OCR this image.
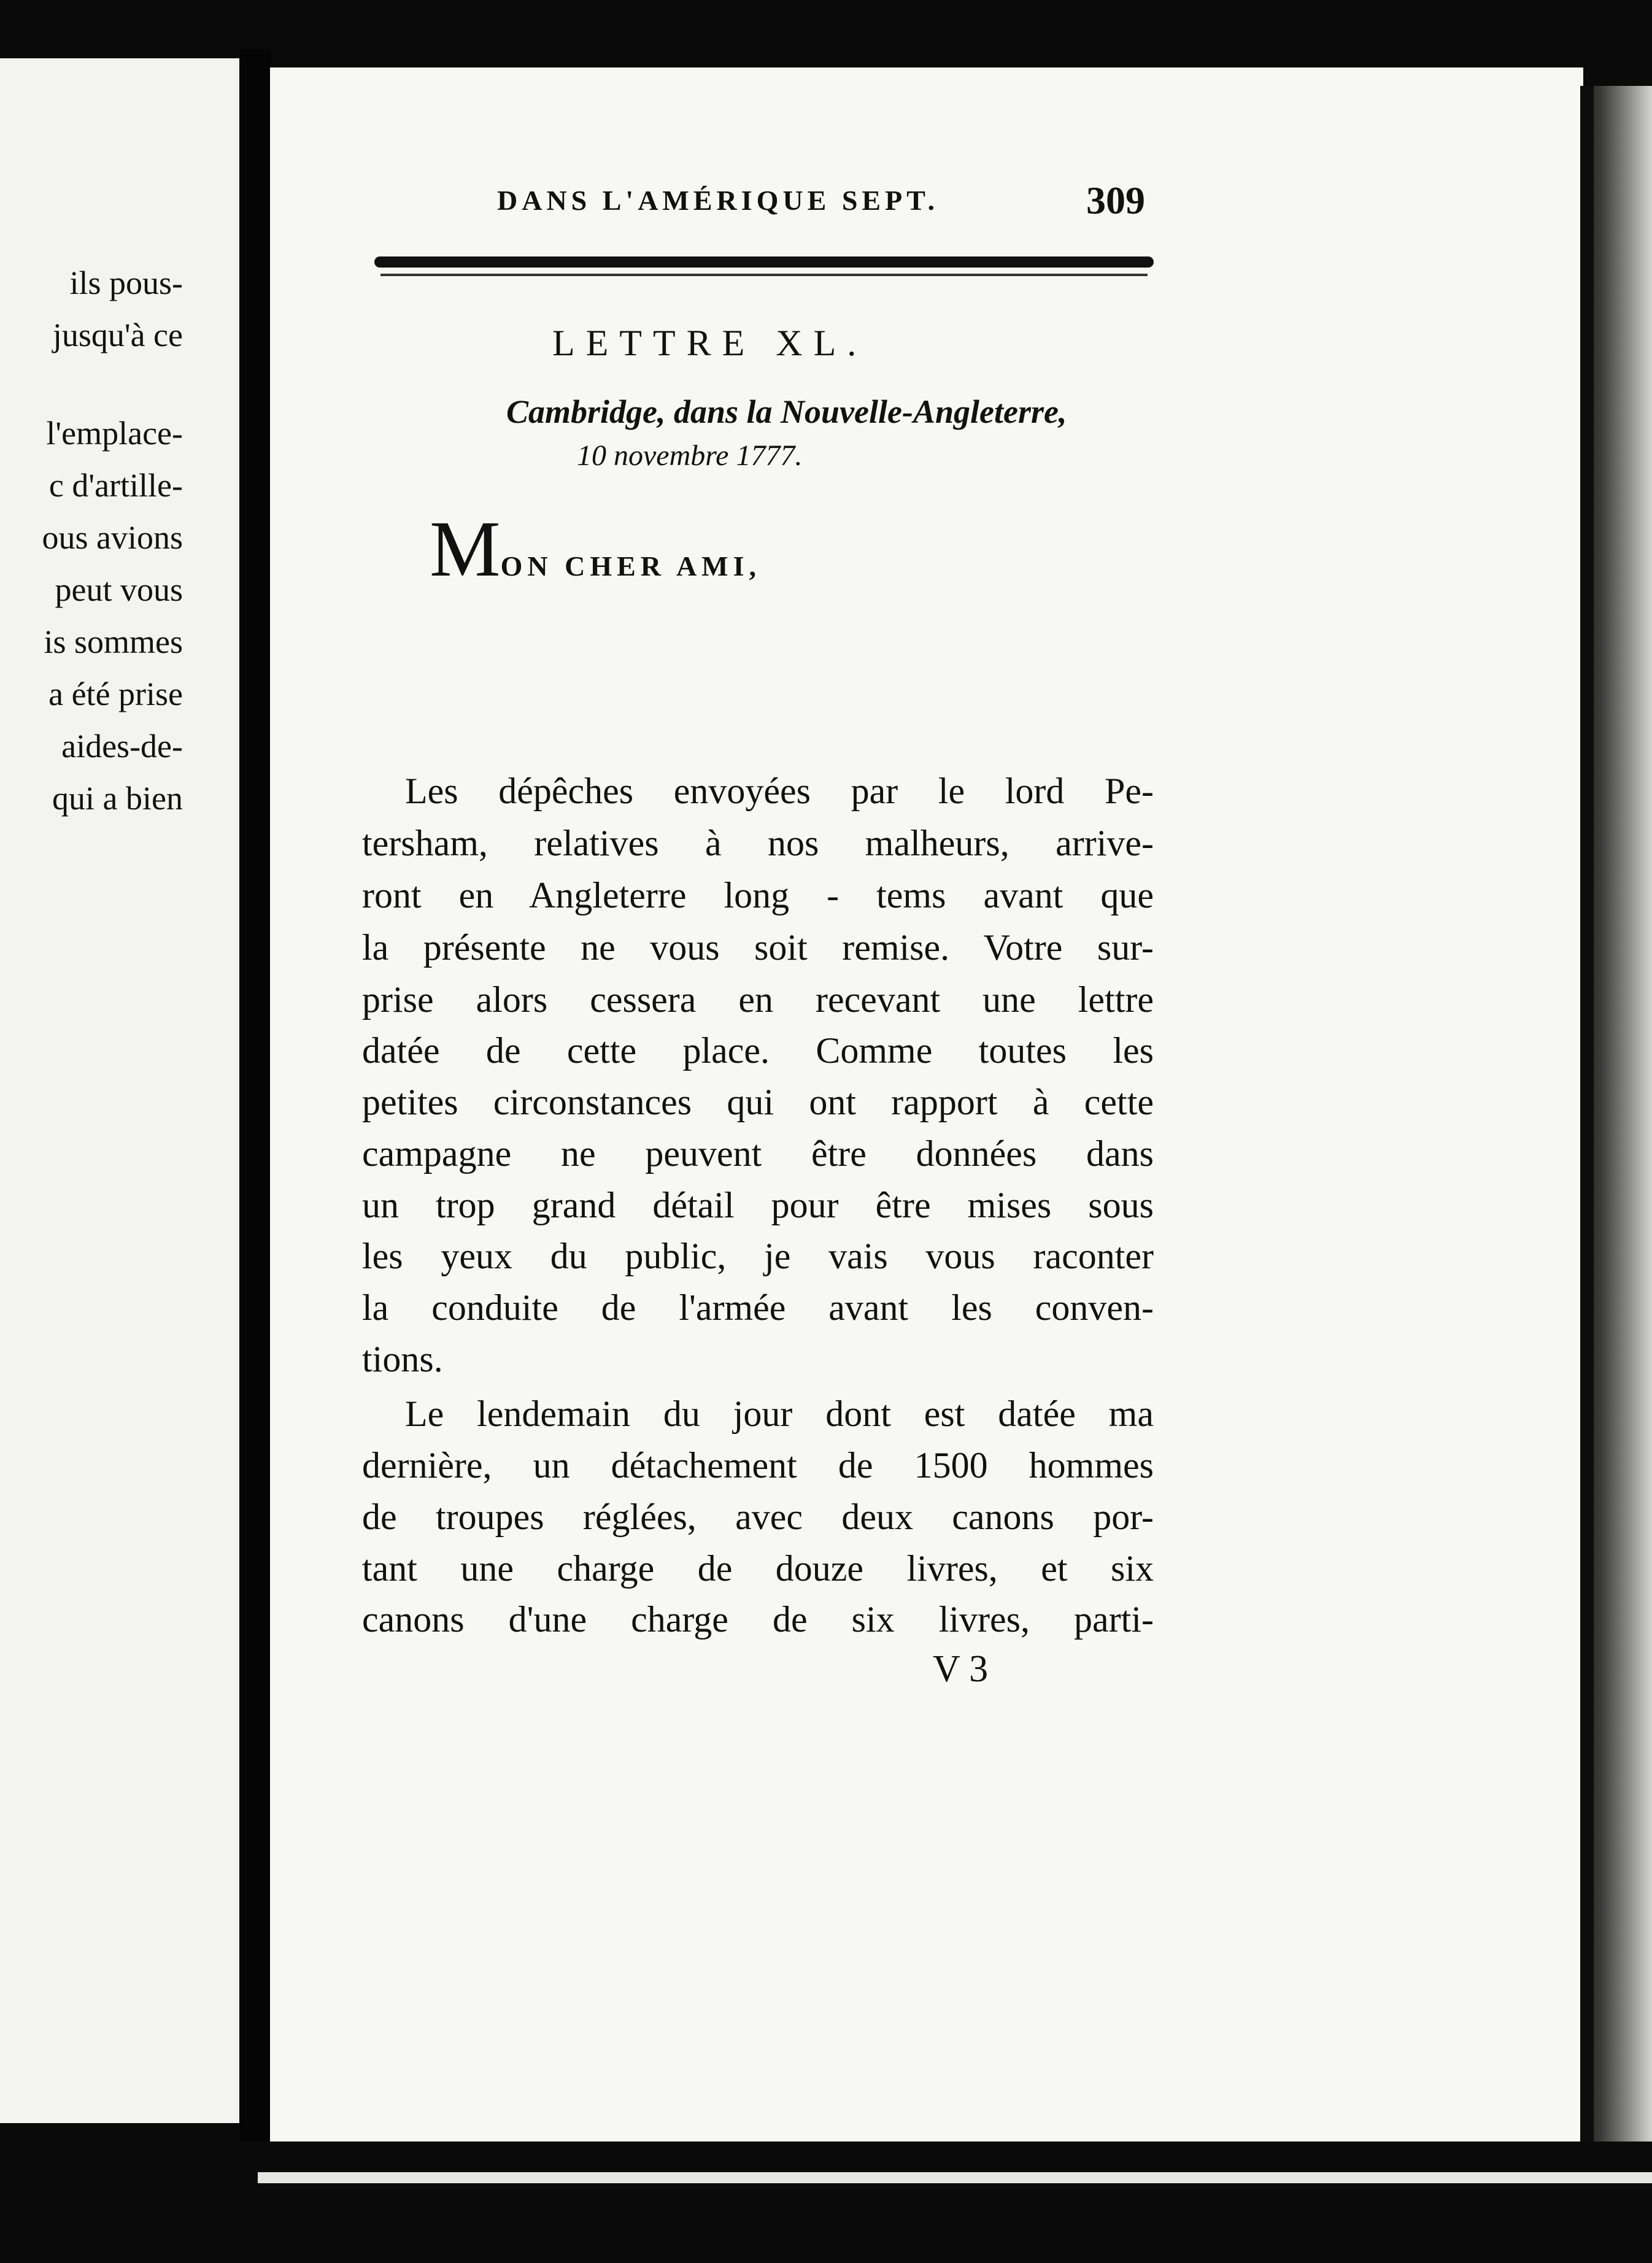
ils pous-
jusqu'à ce
l'emplace-
c d'artille-
ous avions
peut vous
is sommes
a été prise
aides-de-
qui a bien
DANS L'AMÉRIQUE SEPT.	309
LETTRE XL.
Cambridge, dans la Nouvelle-Angleterre,
10 novembre 1777.
MON CHER AMI,
Les dépêches envoyées par le lord Pe-
tersham, relatives à nos malheurs, arrive-
ront en Angleterre long - tems avant que
la présente ne vous soit remise. Votre sur-
prise alors cessera en recevant une lettre
datée de cette place. Comme toutes les
petites circonstances qui ont rapport à cette
campagne ne peuvent être données dans
un trop grand détail pour être mises sous
les yeux du public, je vais vous raconter
la conduite de l'armée avant les conven-
tions.
Le lendemain du jour dont est datée ma
dernière, un détachement de 1500 hommes
de troupes réglées, avec deux canons por-
tant une charge de douze livres, et six
canons d'une charge de six livres, parti-
V 3
